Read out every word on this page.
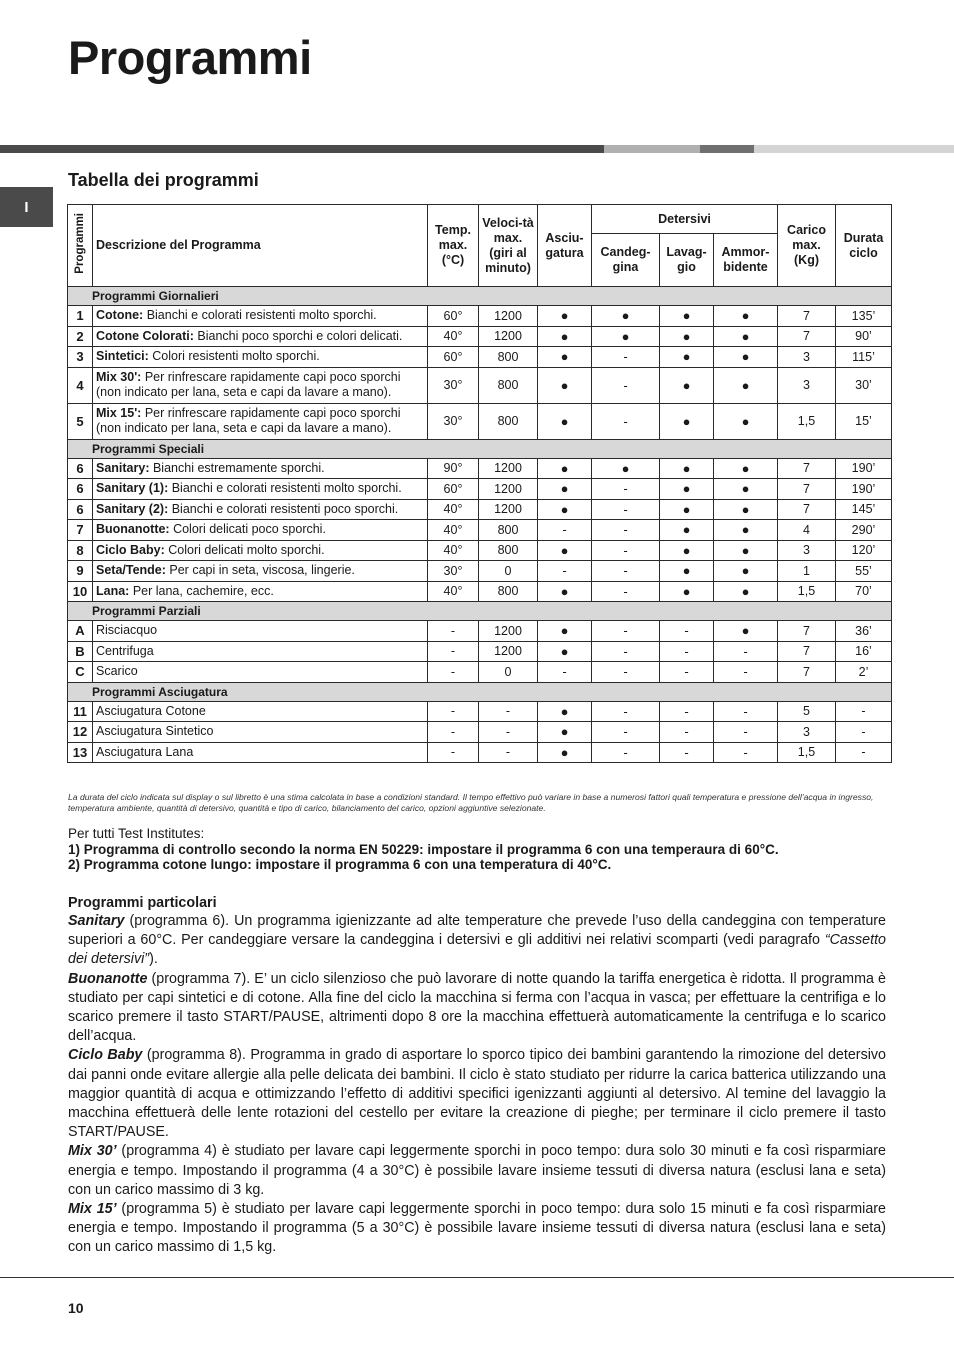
Programmi
I
Tabella dei programmi
Programmi	Descrizione del Programma	Temp. max. (°C)	Veloci-tà max. (giri al minuto)	Asciu-gatura	Detersivi			Carico max. (Kg)	Durata ciclo
					Candeg-gina	Lavag-gio	Ammor-bidente		
Programmi Giornalieri									
1	Cotone: Bianchi e colorati resistenti molto sporchi.	60°	1200	●	●	●	●	7	135’
2	Cotone Colorati: Bianchi poco sporchi e colori delicati.	40°	1200	●	●	●	●	7	90’
3	Sintetici: Colori resistenti molto sporchi.	60°	800	●	-	●	●	3	115’
4	Mix 30': Per rinfrescare rapidamente capi poco sporchi (non indicato per lana, seta e capi da lavare a mano).	30°	800	●	-	●	●	3	30’
5	Mix 15': Per rinfrescare rapidamente capi poco sporchi (non indicato per lana, seta e capi da lavare a mano).	30°	800	●	-	●	●	1,5	15’
Programmi Speciali									
6	Sanitary: Bianchi estremamente sporchi.	90°	1200	●	●	●	●	7	190’
6	Sanitary (1): Bianchi e colorati resistenti molto sporchi.	60°	1200	●	-	●	●	7	190’
6	Sanitary (2): Bianchi e colorati resistenti poco sporchi.	40°	1200	●	-	●	●	7	145’
7	Buonanotte: Colori delicati poco sporchi.	40°	800	-	-	●	●	4	290’
8	Ciclo Baby: Colori delicati molto sporchi.	40°	800	●	-	●	●	3	120’
9	Seta/Tende: Per capi in seta, viscosa, lingerie.	30°	0	-	-	●	●	1	55’
10	Lana: Per lana, cachemire, ecc.	40°	800	●	-	●	●	1,5	70’
Programmi Parziali									
A	Risciacquo	-	1200	●	-	-	●	7	36’
B	Centrifuga	-	1200	●	-	-	-	7	16’
C	Scarico	-	0	-	-	-	-	7	2’
Programmi Asciugatura									
11	Asciugatura Cotone	-	-	●	-	-	-	5	-
12	Asciugatura Sintetico	-	-	●	-	-	-	3	-
13	Asciugatura Lana	-	-	●	-	-	-	1,5	-

La durata del ciclo indicata sul display o sul libretto è una stima calcolata in base a condizioni standard. Il tempo effettivo può variare in base a numerosi fattori quali temperatura e pressione dell’acqua in ingresso, temperatura ambiente, quantità di detersivo, quantità e tipo di carico, bilanciamento del carico, opzioni aggiuntive selezionate.

Per tutti Test Institutes:

1) Programma di controllo secondo la norma EN 50229: impostare il programma 6 con una temperaura di 60°C.

2) Programma cotone lungo: impostare il programma 6 con una temperatura di 40°C.

Programmi particolari

Sanitary (programma 6). Un programma igienizzante ad alte temperature che prevede l’uso della candeggina con temperature superiori a 60°C. Per candeggiare versare la candeggina i detersivi e gli additivi nei relativi scomparti (vedi paragrafo “Cassetto dei detersivi”).

Buonanotte (programma 7). E’ un ciclo silenzioso che può lavorare di notte quando la tariffa energetica è ridotta. Il programma è studiato per capi sintetici e di cotone. Alla fine del ciclo la macchina si ferma con l’acqua in vasca; per effettuare la centrifiga e lo scarico premere il tasto START/PAUSE, altrimenti dopo 8 ore la macchina effettuerà automaticamente la centrifuga e lo scarico dell’acqua.

Ciclo Baby (programma 8). Programma in grado di asportare lo sporco tipico dei bambini garantendo la rimozione del detersivo dai panni onde evitare allergie alla pelle delicata dei bambini. Il ciclo è stato studiato per ridurre la carica batterica utilizzando una maggior quantità di acqua e ottimizzando l’effetto di additivi specifici igenizzanti aggiunti al detersivo. Al temine del lavaggio la macchina effettuerà delle lente rotazioni del cestello per evitare la creazione di pieghe; per terminare il ciclo premere il tasto START/PAUSE.

Mix 30’ (programma 4) è studiato per lavare capi leggermente sporchi in poco tempo: dura solo 30 minuti e fa così risparmiare energia e tempo. Impostando il programma (4 a 30°C) è possibile lavare insieme tessuti di diversa natura (esclusi lana e seta) con un carico massimo di 3 kg.

Mix 15’ (programma 5) è studiato per lavare capi leggermente sporchi in poco tempo: dura solo 15 minuti e fa così risparmiare energia e tempo. Impostando il programma (5 a 30°C) è possibile lavare insieme tessuti di diversa natura (esclusi lana e seta) con un carico massimo di 1,5 kg.

10
